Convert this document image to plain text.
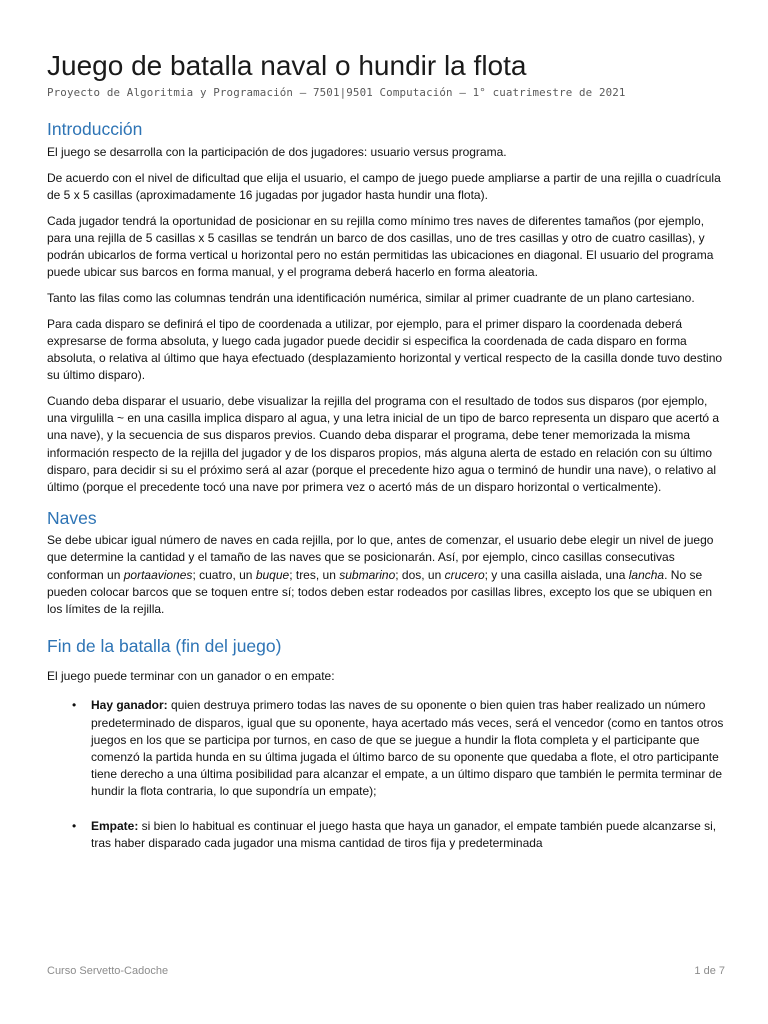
Juego de batalla naval o hundir la flota
Proyecto de Algoritmia y Programación – 7501|9501 Computación – 1° cuatrimestre de 2021
Introducción

El juego se desarrolla con la participación de dos jugadores: usuario versus programa.

De acuerdo con el nivel de dificultad que elija el usuario, el campo de juego puede ampliarse a partir de una rejilla o cuadrícula de 5 x 5 casillas (aproximadamente 16 jugadas por jugador hasta hundir una flota).

Cada jugador tendrá la oportunidad de posicionar en su rejilla como mínimo tres naves de diferentes tamaños (por ejemplo, para una rejilla de 5 casillas x 5 casillas se tendrán un barco de dos casillas, uno de tres casillas y otro de cuatro casillas), y podrán ubicarlos de forma vertical u horizontal pero no están permitidas las ubicaciones en diagonal. El usuario del programa puede ubicar sus barcos en forma manual, y el programa deberá hacerlo en forma aleatoria.

Tanto las filas como las columnas tendrán una identificación numérica, similar al primer cuadrante de un plano cartesiano.

Para cada disparo se definirá el tipo de coordenada a utilizar, por ejemplo, para el primer disparo la coordenada deberá expresarse de forma absoluta, y luego cada jugador puede decidir si especifica la coordenada de cada disparo en forma absoluta, o relativa al último que haya efectuado (desplazamiento horizontal y vertical respecto de la casilla donde tuvo destino su último disparo).

Cuando deba disparar el usuario, debe visualizar la rejilla del programa con el resultado de todos sus disparos (por ejemplo, una virgulilla ~ en una casilla implica disparo al agua, y una letra inicial de un tipo de barco representa un disparo que acertó a una nave), y la secuencia de sus disparos previos. Cuando deba disparar el programa, debe tener memorizada la misma información respecto de la rejilla del jugador y de los disparos propios, más alguna alerta de estado en relación con su último disparo, para decidir si su el próximo será al azar (porque el precedente hizo agua o terminó de hundir una nave), o relativo al último (porque el precedente tocó una nave por primera vez o acertó más de un disparo horizontal o verticalmente).

Naves

Se debe ubicar igual número de naves en cada rejilla, por lo que, antes de comenzar, el usuario debe elegir un nivel de juego que determine la cantidad y el tamaño de las naves que se posicionarán. Así, por ejemplo, cinco casillas consecutivas conforman un portaaviones; cuatro, un buque; tres, un submarino; dos, un crucero; y una casilla aislada, una lancha. No se pueden colocar barcos que se toquen entre sí; todos deben estar rodeados por casillas libres, excepto los que se ubiquen en los límites de la rejilla.

Fin de la batalla (fin del juego)

El juego puede terminar con un ganador o en empate:

• Hay ganador: quien destruya primero todas las naves de su oponente o bien quien tras haber realizado un número predeterminado de disparos, igual que su oponente, haya acertado más veces, será el vencedor (como en tantos otros juegos en los que se participa por turnos, en caso de que se juegue a hundir la flota completa y el participante que comenzó la partida hunda en su última jugada el último barco de su oponente que quedaba a flote, el otro participante tiene derecho a una última posibilidad para alcanzar el empate, a un último disparo que también le permita terminar de hundir la flota contraria, lo que supondría un empate);
• Empate: si bien lo habitual es continuar el juego hasta que haya un ganador, el empate también puede alcanzarse si, tras haber disparado cada jugador una misma cantidad de tiros fija y predeterminada
Curso Servetto-Cadoche	1 de 7
